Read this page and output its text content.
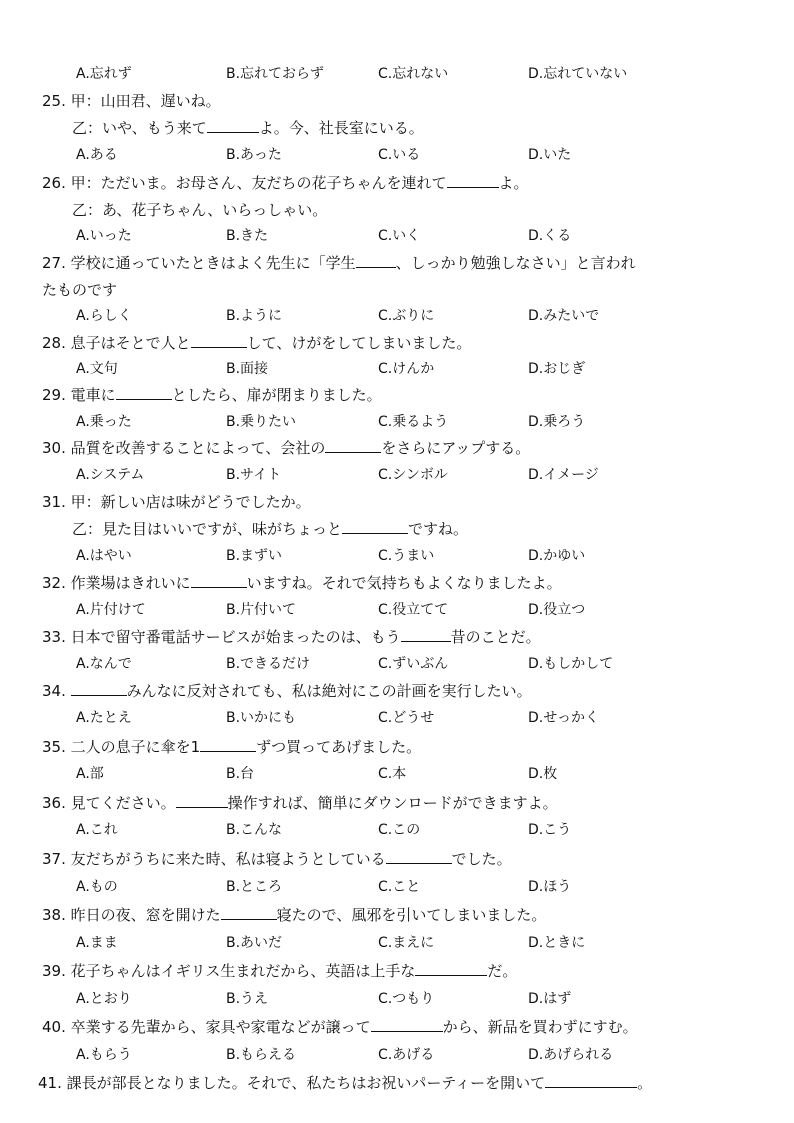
A.忘れず	B.忘れておらず	C.忘れない	D.忘れていない
25. 甲：山田君、遅いね。
乙：いや、もう来て	よ。今、社長室にいる。
A.ある	B.あった	C.いる	D.いた
26. 甲：ただいま。お母さん、友だちの花子ちゃんを連れて	よ。
乙：あ、花子ちゃん、いらっしゃい。
A.いった	B.きた	C.いく	D.くる
27. 学校に通っていたときはよく先生に「学生	、しっかり勉強しなさい」と言われ
たものです
A.らしく	B.ように	C.ぶりに	D.みたいで
28. 息子はそとで人と	して、けがをしてしまいました。
A.文句	B.面接	C.けんか	D.おじぎ
29. 電車に	としたら、扉が閉まりました。
A.乗った	B.乗りたい	C.乗るよう	D.乗ろう
30. 品質を改善することによって、会社の	をさらにアップする。
A.システム	B.サイト	C.シンボル	D.イメージ
31. 甲：新しい店は味がどうでしたか。
乙：見た目はいいですが、味がちょっと	ですね。
A.はやい	B.まずい	C.うまい	D.かゆい
32. 作業場はきれいに	いますね。それで気持ちもよくなりましたよ。
A.片付けて	B.片付いて	C.役立てて	D.役立つ
33. 日本で留守番電話サービスが始まったのは、もう	昔のことだ。
A.なんで	B.できるだけ	C.ずいぶん	D.もしかして
34.	みんなに反対されても、私は絶対にこの計画を実行したい。
A.たとえ	B.いかにも	C.どうせ	D.せっかく
35. 二人の息子に傘を1	ずつ買ってあげました。
A.部	B.台	C.本	D.枚
36. 見てください。	操作すれば、簡単にダウンロードができますよ。
A.これ	B.こんな	C.この	D.こう
37. 友だちがうちに来た時、私は寝ようとしている	でした。
A.もの	B.ところ	C.こと	D.ほう
38. 昨日の夜、窓を開けた	寝たので、風邪を引いてしまいました。
A.まま	B.あいだ	C.まえに	D.ときに
39. 花子ちゃんはイギリス生まれだから、英語は上手な	だ。
A.とおり	B.うえ	C.つもり	D.はず
40. 卒業する先輩から、家具や家電などが譲って	から、新品を買わずにすむ。
A.もらう	B.もらえる	C.あげる	D.あげられる
41. 課長が部長となりました。それで、私たちはお祝いパーティーを開いて	。
